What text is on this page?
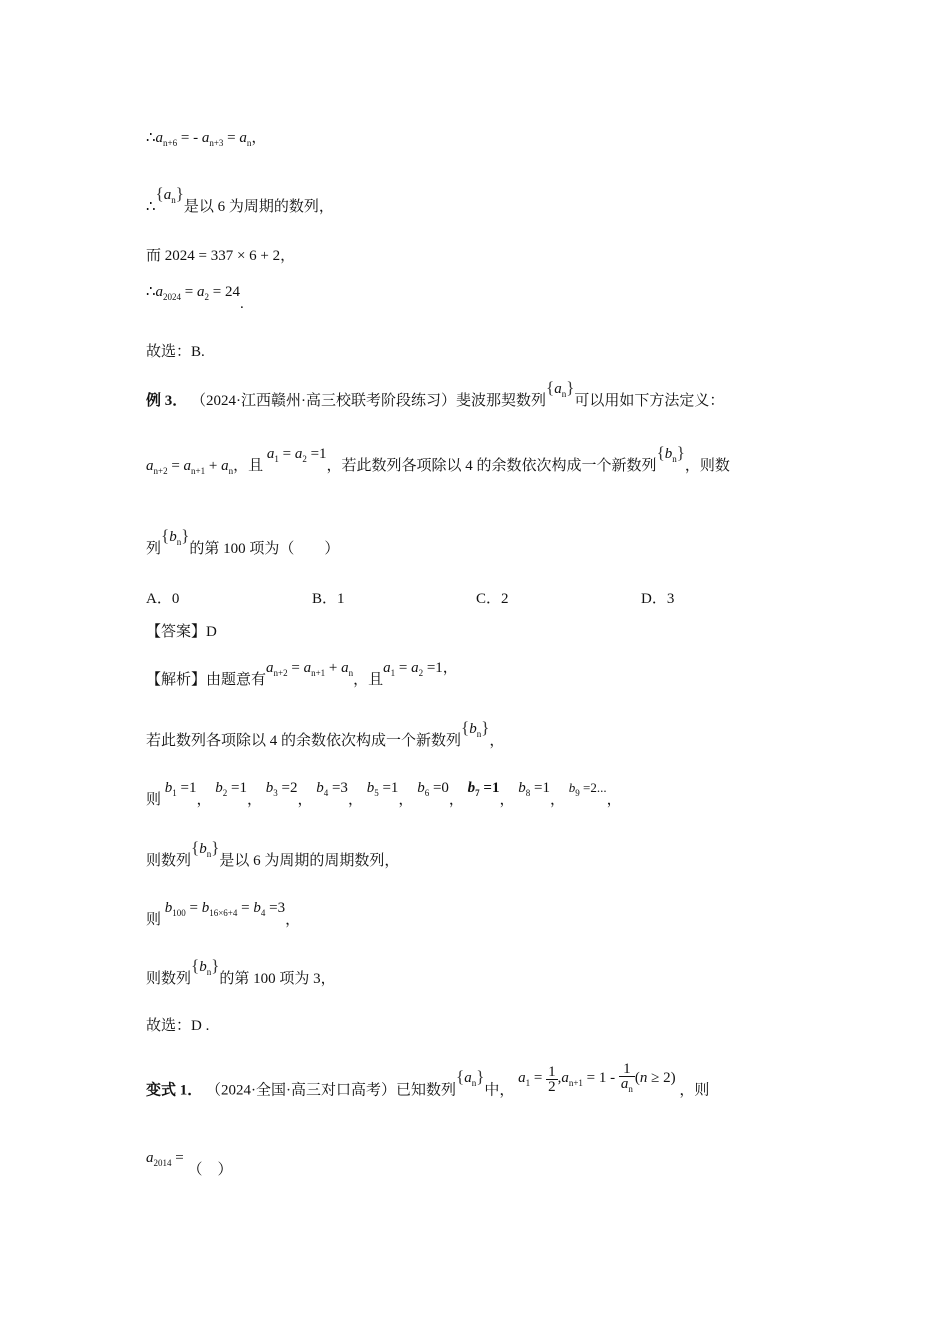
$\therefore a_{n+6}$ = - $a_{n+3} = a_n$，
$\therefore\{a_n\}$是以 6 为周期的数列，
而 2024 = 337 × 6 + 2，
$\therefore a_{2024} = a_2 = 24$.
故选：B.
例 3． （2024·江西赣州·高三校联考阶段练习）斐波那契数列$\{a_n\}$可以用如下方法定义：
$a_{n+2} = a_{n+1} + a_n$，且 $a_1 = a_2 =1$，若此数列各项除以 4 的余数依次构成一个新数列$\{b_n\}$，则数
列$\{b_n\}$的第 100 项为（　　）
A．0	B．1	C．2	D．3
【答案】D
【解析】由题意有$a_{n+2} = a_{n+1} + a_n$，且$a_1 = a_2 =1$，
若此数列各项除以 4 的余数依次构成一个新数列$\{b_n\}$，
则 $b_1 =1$， $b_2 =1$， $b_3 =2$， $b_4 =3$， $b_5 =1$， $b_6 =0$， $b_7 =1$， $b_8 =1$， $b_9 =2$...，
则数列$\{b_n\}$是以 6 为周期的周期数列，
则 $b_{100} = b_{16\times 6+4} = b_4 =3$，
则数列$\{b_n\}$的第 100 项为 3，
故选：D .
变式 1． （2024·全国·高三对口高考）已知数列$\{a_n\}$中， $a_1 = \frac{1}{2} ,a_{n+1} = 1 - \frac{1}{a_n} (n \ge 2)$ ，则
$a_{2014}$ = （　）
